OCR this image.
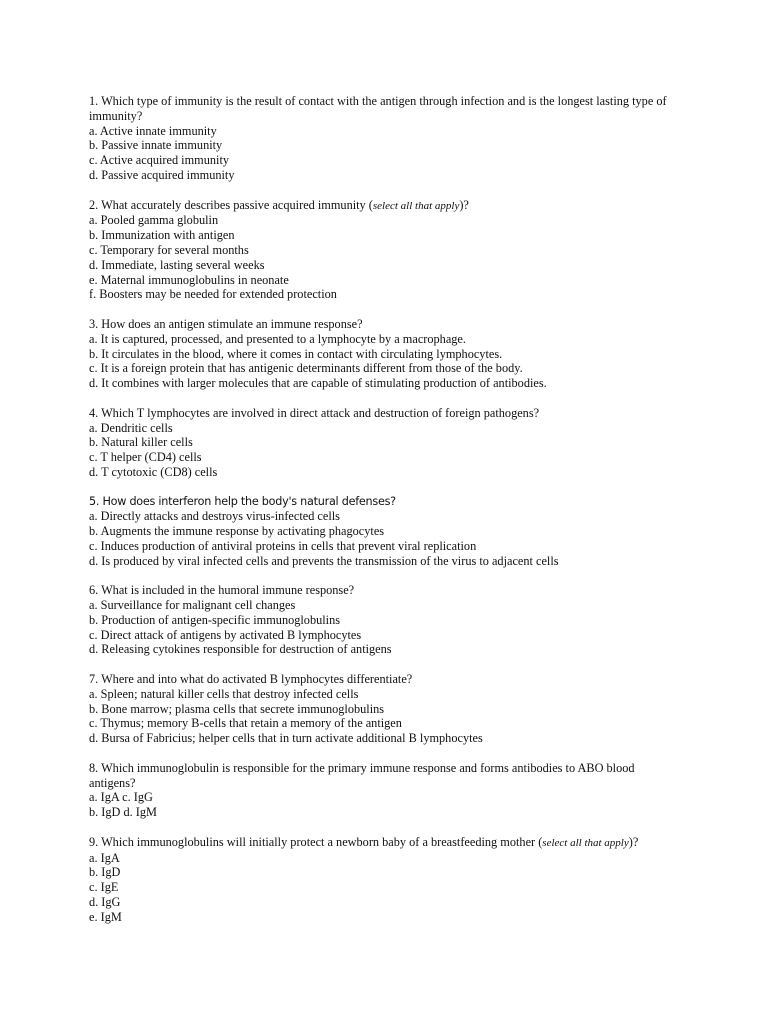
1. Which type of immunity is the result of contact with the antigen through infection and is the longest lasting type of immunity?
a. Active innate immunity
b. Passive innate immunity
c. Active acquired immunity
d. Passive acquired immunity
2. What accurately describes passive acquired immunity (select all that apply)?
a. Pooled gamma globulin
b. Immunization with antigen
c. Temporary for several months
d. Immediate, lasting several weeks
e. Maternal immunoglobulins in neonate
f. Boosters may be needed for extended protection
3. How does an antigen stimulate an immune response?
a. It is captured, processed, and presented to a lymphocyte by a macrophage.
b. It circulates in the blood, where it comes in contact with circulating lymphocytes.
c. It is a foreign protein that has antigenic determinants different from those of the body.
d. It combines with larger molecules that are capable of stimulating production of antibodies.
4. Which T lymphocytes are involved in direct attack and destruction of foreign pathogens?
a. Dendritic cells
b. Natural killer cells
c. T helper (CD4) cells
d. T cytotoxic (CD8) cells
5. How does interferon help the body's natural defenses?
a. Directly attacks and destroys virus-infected cells
b. Augments the immune response by activating phagocytes
c. Induces production of antiviral proteins in cells that prevent viral replication
d. Is produced by viral infected cells and prevents the transmission of the virus to adjacent cells
6. What is included in the humoral immune response?
a. Surveillance for malignant cell changes
b. Production of antigen-specific immunoglobulins
c. Direct attack of antigens by activated B lymphocytes
d. Releasing cytokines responsible for destruction of antigens
7. Where and into what do activated B lymphocytes differentiate?
a. Spleen; natural killer cells that destroy infected cells
b. Bone marrow; plasma cells that secrete immunoglobulins
c. Thymus; memory B-cells that retain a memory of the antigen
d. Bursa of Fabricius; helper cells that in turn activate additional B lymphocytes
8. Which immunoglobulin is responsible for the primary immune response and forms antibodies to ABO blood antigens?
a. IgA c. IgG
b. IgD d. IgM
9. Which immunoglobulins will initially protect a newborn baby of a breastfeeding mother (select all that apply)?
a. IgA
b. IgD
c. IgE
d. IgG
e. IgM
